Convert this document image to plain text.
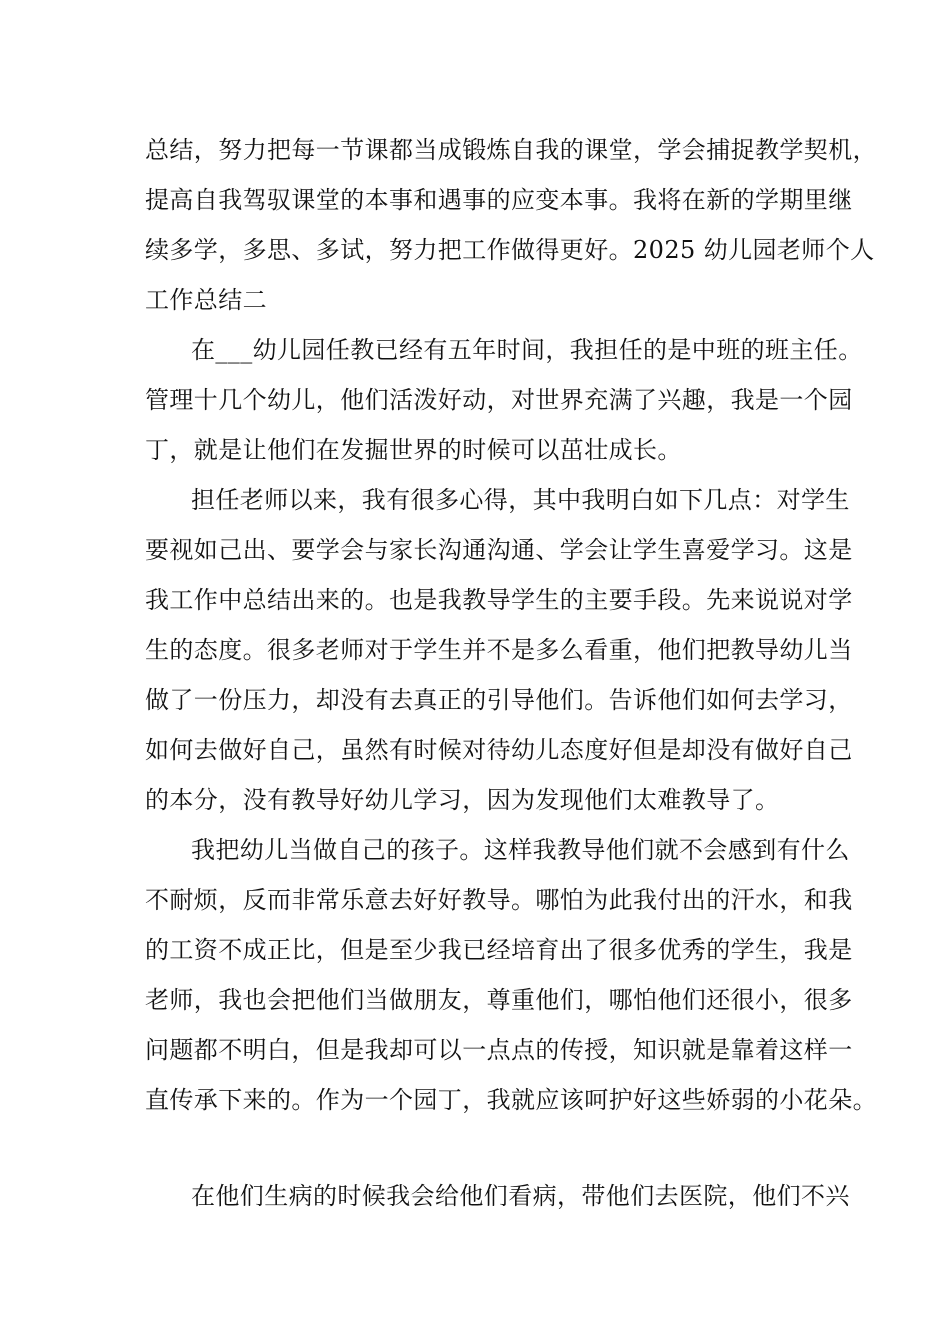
总结，努力把每一节课都当成锻炼自我的课堂，学会捕捉教学契机，
提高自我驾驭课堂的本事和遇事的应变本事。我将在新的学期里继
续多学，多思、多试，努力把工作做得更好。2025 幼儿园老师个人
工作总结二
在___幼儿园任教已经有五年时间，我担任的是中班的班主任。
管理十几个幼儿，他们活泼好动，对世界充满了兴趣，我是一个园
丁，就是让他们在发掘世界的时候可以茁壮成长。
担任老师以来，我有很多心得，其中我明白如下几点：对学生
要视如己出、要学会与家长沟通沟通、学会让学生喜爱学习。这是
我工作中总结出来的。也是我教导学生的主要手段。先来说说对学
生的态度。很多老师对于学生并不是多么看重，他们把教导幼儿当
做了一份压力，却没有去真正的引导他们。告诉他们如何去学习，
如何去做好自己，虽然有时候对待幼儿态度好但是却没有做好自己
的本分，没有教导好幼儿学习，因为发现他们太难教导了。
我把幼儿当做自己的孩子。这样我教导他们就不会感到有什么
不耐烦，反而非常乐意去好好教导。哪怕为此我付出的汗水，和我
的工资不成正比，但是至少我已经培育出了很多优秀的学生，我是
老师，我也会把他们当做朋友，尊重他们，哪怕他们还很小，很多
问题都不明白，但是我却可以一点点的传授，知识就是靠着这样一
直传承下来的。作为一个园丁，我就应该呵护好这些娇弱的小花朵。
在他们生病的时候我会给他们看病，带他们去医院，他们不兴
